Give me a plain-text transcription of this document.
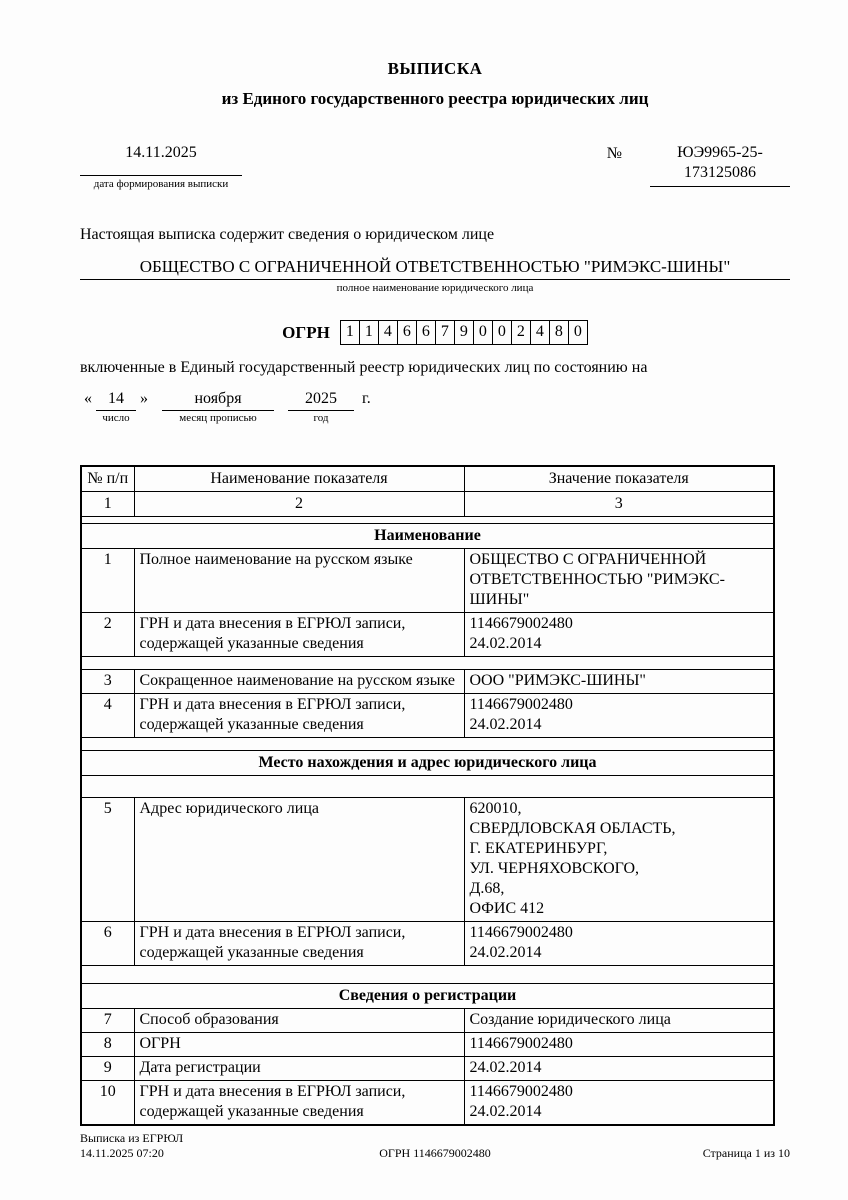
ВЫПИСКА
из Единого государственного реестра юридических лиц
14.11.2025
дата формирования выписки
№	ЮЭ9965-25-
173125086
Настоящая выписка содержит сведения о юридическом лице
ОБЩЕСТВО С ОГРАНИЧЕННОЙ ОТВЕТСТВЕННОСТЬЮ "РИМЭКС-ШИНЫ"
полное наименование юридического лица
ОГРН	1 1 4 6 6 7 9 0 0 2 4 8 0
включенные в Единый государственный реестр юридических лиц по состоянию на
«	14
число
»	ноября
месяц прописью
2025
год
г.
№ п/п	Наименование показателя	Значение показателя
1	2	3

Наименование		
1	Полное наименование на русском языке	ОБЩЕСТВО С ОГРАНИЧЕННОЙ ОТВЕТСТВЕННОСТЬЮ "РИМЭКС-ШИНЫ"

2	ГРН и дата внесения в ЕГРЮЛ записи, содержащей указанные сведения	1146679002480
24.02.2014

3	Сокращенное наименование на русском языке	ООО "РИМЭКС-ШИНЫ"

4	ГРН и дата внесения в ЕГРЮЛ записи, содержащей указанные сведения	1146679002480
24.02.2014

Место нахождения и адрес юридического лица		

5	Адрес юридического лица	620010,
СВЕРДЛОВСКАЯ ОБЛАСТЬ,
Г. ЕКАТЕРИНБУРГ,
УЛ. ЧЕРНЯХОВСКОГО,
Д.68,
ОФИС 412

6	ГРН и дата внесения в ЕГРЮЛ записи, содержащей указанные сведения	1146679002480
24.02.2014

Сведения о регистрации		
7	Способ образования	Создание юридического лица

8	ОГРН	1146679002480

9	Дата регистрации	24.02.2014

10	ГРН и дата внесения в ЕГРЮЛ записи, содержащей указанные сведения	1146679002480
24.02.2014
Выписка из ЕГРЮЛ
14.11.2025 07:20	ОГРН 1146679002480	Страница 1 из 10
